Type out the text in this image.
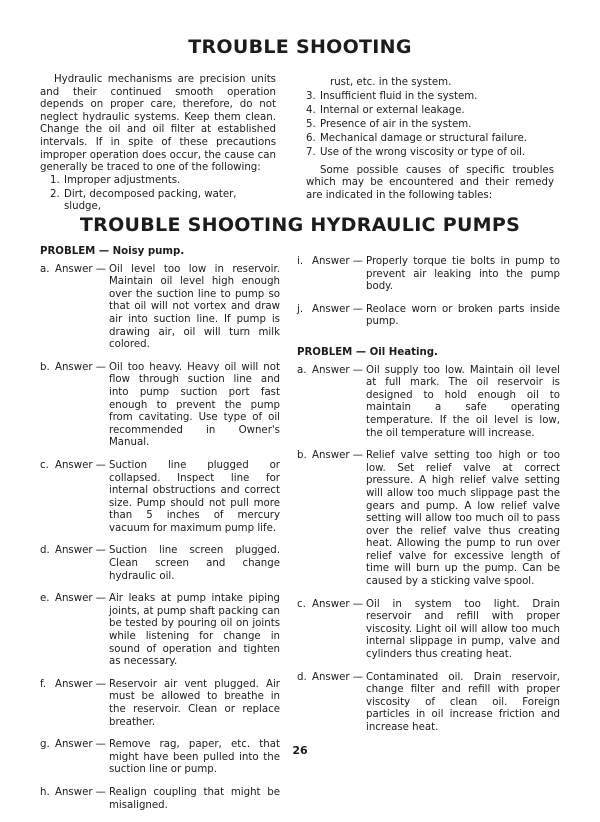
TROUBLE SHOOTING

Hydraulic mechanisms are precision units and their continued smooth operation depends on proper care, therefore, do not neglect hydraulic systems. Keep them clean. Change the oil and oil filter at established intervals. If in spite of these precautions improper operation does occur, the cause can generally be traced to one of the following:

1. Improper adjustments.
2. Dirt, decomposed packing, water, sludge,
rust, etc. in the system.
3. Insufficient fluid in the system.
4. Internal or external leakage.
5. Presence of air in the system.
6. Mechanical damage or structural failure.
7. Use of the wrong viscosity or type of oil.

Some possible causes of specific troubles which may be encountered and their remedy are indicated in the following tables:

TROUBLE SHOOTING HYDRAULIC PUMPS
PROBLEM — Noisy pump.
a. Answer — Oil level too low in reservoir. Maintain oil level high enough over the suction line to pump so that oil will not vortex and draw air into suction line. If pump is drawing air, oil will turn milk colored.
b. Answer — Oil too heavy. Heavy oil will not flow through suction line and into pump suction port fast enough to prevent the pump from cavitating. Use type of oil recommended in Owner's Manual.
c. Answer — Suction line plugged or collapsed. Inspect line for internal obstructions and correct size. Pump should not pull more than 5 inches of mercury vacuum for maximum pump life.
d. Answer — Suction line screen plugged. Clean screen and change hydraulic oil.
e. Answer — Air leaks at pump intake piping joints, at pump shaft packing can be tested by pouring oil on joints while listening for change in sound of operation and tighten as necessary.
f. Answer — Reservoir air vent plugged. Air must be allowed to breathe in the reservoir. Clean or replace breather.
g. Answer — Remove rag, paper, etc. that might have been pulled into the suction line or pump.
h. Answer — Realign coupling that might be misaligned.
i. Answer — Properly torque tie bolts in pump to prevent air leaking into the pump body.
j. Answer — Reolace worn or broken parts inside pump.
PROBLEM — Oil Heating.
a. Answer — Oil supply too low. Maintain oil level at full mark. The oil reservoir is designed to hold enough oil to maintain a safe operating temperature. If the oil level is low, the oil temperature will increase.
b. Answer — Relief valve setting too high or too low. Set relief valve at correct pressure. A high relief valve setting will allow too much slippage past the gears and pump. A low relief valve setting will allow too much oil to pass over the relief valve thus creating heat. Allowing the pump to run over relief valve for excessive length of time will burn up the pump. Can be caused by a sticking valve spool.
c. Answer — Oil in system too light. Drain reservoir and refill with proper viscosity. Light oil will allow too much internal slippage in pump, valve and cylinders thus creating heat.
d. Answer — Contaminated oil. Drain reservoir, change filter and refill with proper viscosity of clean oil. Foreign particles in oil increase friction and increase heat.
26
